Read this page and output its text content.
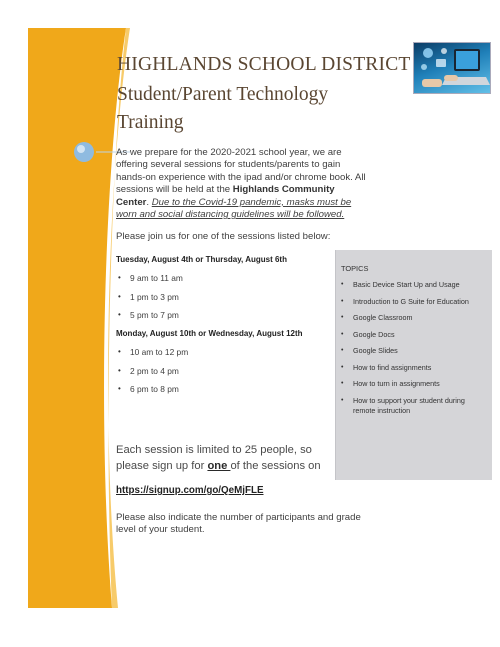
HIGHLANDS SCHOOL DISTRICT
Student/Parent Technology
Training

As we prepare for the 2020-2021 school year, we are offering several sessions for students/parents to gain hands-on experience with the ipad and/or chrome book. All sessions will be held at the Highlands Community Center. Due to the Covid-19 pandemic, masks must be worn and social distancing guidelines will be followed.

Please join us for one of the sessions listed below:

Tuesday, August 4th or Thursday, August 6th

• 9 am to 11 am
• 1 pm to 3 pm
• 5 pm to 7 pm

Monday, August 10th or Wednesday, August 12th

• 10 am to 12 pm
• 2 pm to 4 pm
• 6 pm to 8 pm

TOPICS

• Basic Device Start Up and Usage
• Introduction to G Suite for Education
• Google Classroom
• Google Docs
• Google Slides
• How to find assignments
• How to turn in assignments
• How to support your student during remote instruction

Each session is limited to 25 people, so please sign up for one of the sessions on

https://signup.com/go/QeMjFLE

Please also indicate the number of participants and grade level of your student.
